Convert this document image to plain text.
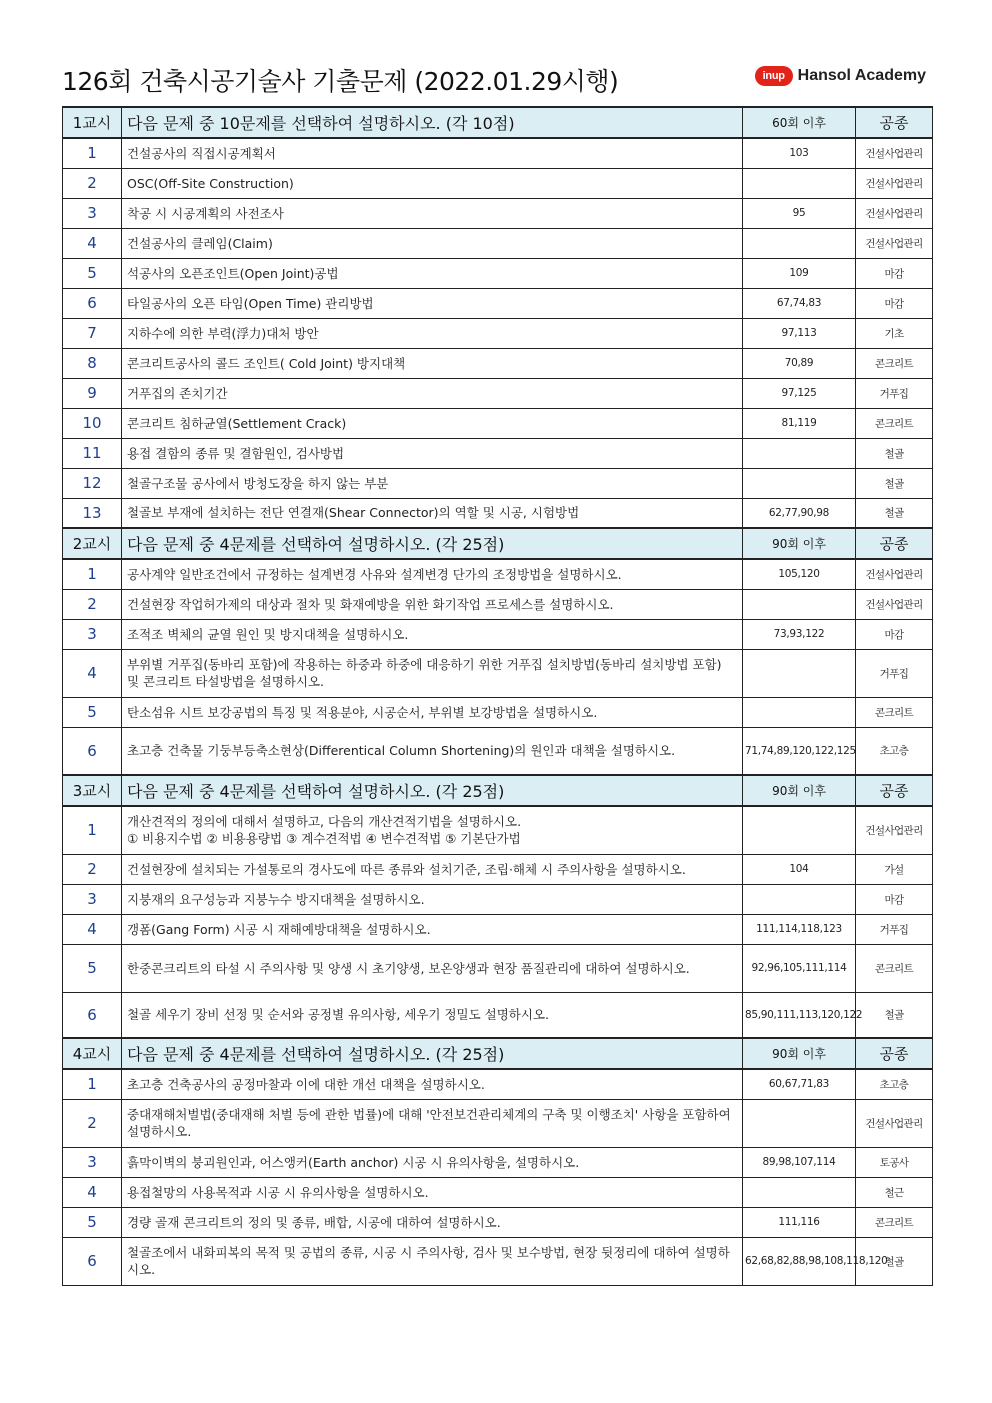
126회 건축시공기술사 기출문제 (2022.01.29시행)	inup Hansol Academy
1교시	다음 문제 중 10문제를 선택하여 설명하시오. (각 10점)	60회 이후	공종
1	건설공사의 직접시공계획서	103	건설사업관리
2	OSC(Off-Site Construction)		건설사업관리
3	착공 시 시공계획의 사전조사	95	건설사업관리
4	건설공사의 클레임(Claim)		건설사업관리
5	석공사의 오픈조인트(Open Joint)공법	109	마감
6	타일공사의 오픈 타임(Open Time) 관리방법	67,74,83	마감
7	지하수에 의한 부력(浮力)대처 방안	97,113	기초
8	콘크리트공사의 콜드 조인트( Cold Joint) 방지대책	70,89	콘크리트
9	거푸집의 존치기간	97,125	거푸집
10	콘크리트 침하균열(Settlement Crack)	81,119	콘크리트
11	용접 결함의 종류 및 결함원인, 검사방법		철골
12	철골구조물 공사에서 방청도장을 하지 않는 부분		철골
13	철골보 부재에 설치하는 전단 연결재(Shear Connector)의 역할 및 시공, 시험방법	62,77,90,98	철골
2교시	다음 문제 중 4문제를 선택하여 설명하시오. (각 25점)	90회 이후	공종
1	공사계약 일반조건에서 규정하는 설계변경 사유와 설계변경 단가의 조정방법을 설명하시오.	105,120	건설사업관리
2	건설현장 작업허가제의 대상과 절차 및 화재예방을 위한 화기작업 프로세스를 설명하시오.		건설사업관리
3	조적조 벽체의 균열 원인 및 방지대책을 설명하시오.	73,93,122	마감
4	부위별 거푸집(동바리 포함)에 작용하는 하중과 하중에 대응하기 위한 거푸집 설치방법(동바리 설치방법 포함) 및 콘크리트 타설방법을 설명하시오.		거푸집
5	탄소섬유 시트 보강공법의 특징 및 적용분야, 시공순서, 부위별 보강방법을 설명하시오.		콘크리트
6	초고층 건축물 기둥부등축소현상(Differentical Column Shortening)의 원인과 대책을 설명하시오.	71,74,89,120,122,125	초고층
3교시	다음 문제 중 4문제를 선택하여 설명하시오. (각 25점)	90회 이후	공종
1	개산견적의 정의에 대해서 설명하고, 다음의 개산견적기법을 설명하시오.
① 비용지수법 ② 비용용량법 ③ 계수견적법 ④ 변수견적법 ⑤ 기본단가법		건설사업관리
2	건설현장에 설치되는 가설통로의 경사도에 따른 종류와 설치기준, 조립·해체 시 주의사항을 설명하시오.	104	가설
3	지붕재의 요구성능과 지붕누수 방지대책을 설명하시오.		마감
4	갱폼(Gang Form) 시공 시 재해예방대책을 설명하시오.	111,114,118,123	거푸집
5	한중콘크리트의 타설 시 주의사항 및 양생 시 초기양생, 보온양생과 현장 품질관리에 대하여 설명하시오.	92,96,105,111,114	콘크리트
6	철골 세우기 장비 선정 및 순서와 공정별 유의사항, 세우기 정밀도 설명하시오.	85,90,111,113,120,122	철골
4교시	다음 문제 중 4문제를 선택하여 설명하시오. (각 25점)	90회 이후	공종
1	초고층 건축공사의 공정마찰과 이에 대한 개선 대책을 설명하시오.	60,67,71,83	초고층
2	중대재해처벌법(중대재해 처벌 등에 관한 법률)에 대해 '안전보건관리체계의 구축 및 이행조치' 사항을 포함하여 설명하시오.		건설사업관리
3	흙막이벽의 붕괴원인과, 어스앵커(Earth anchor) 시공 시 유의사항을, 설명하시오.	89,98,107,114	토공사
4	용접철망의 사용목적과 시공 시 유의사항을 설명하시오.		철근
5	경량 골재 콘크리트의 정의 및 종류, 배합, 시공에 대하여 설명하시오.	111,116	콘크리트
6	철골조에서 내화피복의 목적 및 공법의 종류, 시공 시 주의사항, 검사 및 보수방법, 현장 뒷정리에 대하여 설명하시오.	62,68,82,88,98,108,118,120	철골
